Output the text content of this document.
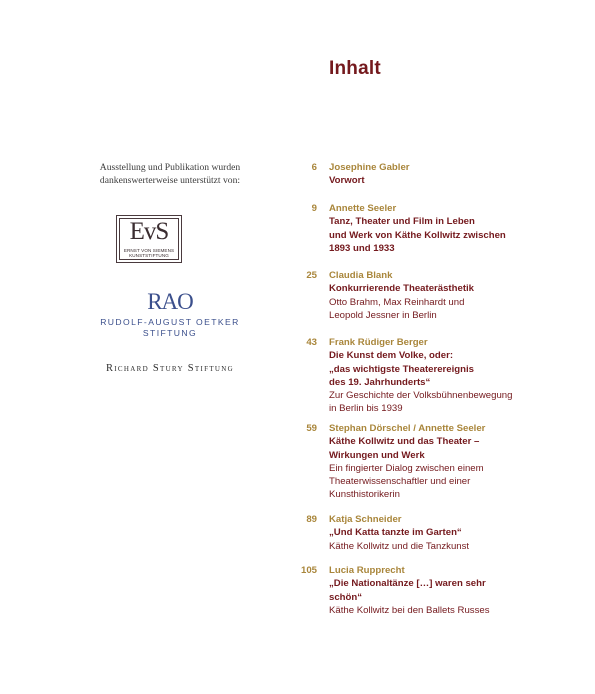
Inhalt
Ausstellung und Publikation wurden
dankenswerterweise unterstützt von:
EvS
ERNST VON SIEMENS
KUNSTSTIFTUNG
RAO
RUDOLF-AUGUST OETKER
STIFTUNG
Richard Stury Stiftung
6 Josephine Gabler
Vorwort
9 Annette Seeler
Tanz, Theater und Film in Leben
und Werk von Käthe Kollwitz zwischen
1893 und 1933
25 Claudia Blank
Konkurrierende Theaterästhetik
Otto Brahm, Max Reinhardt und
Leopold Jessner in Berlin
43 Frank Rüdiger Berger
Die Kunst dem Volke, oder:
„das wichtigste Theaterereignis
des 19. Jahrhunderts“
Zur Geschichte der Volksbühnenbewegung
in Berlin bis 1939
59 Stephan Dörschel / Annette Seeler
Käthe Kollwitz und das Theater –
Wirkungen und Werk
Ein fingierter Dialog zwischen einem
Theaterwissenschaftler und einer
Kunsthistorikerin
89 Katja Schneider
„Und Katta tanzte im Garten“
Käthe Kollwitz und die Tanzkunst
105 Lucia Rupprecht
„Die Nationaltänze […] waren sehr
schön“
Käthe Kollwitz bei den Ballets Russes
